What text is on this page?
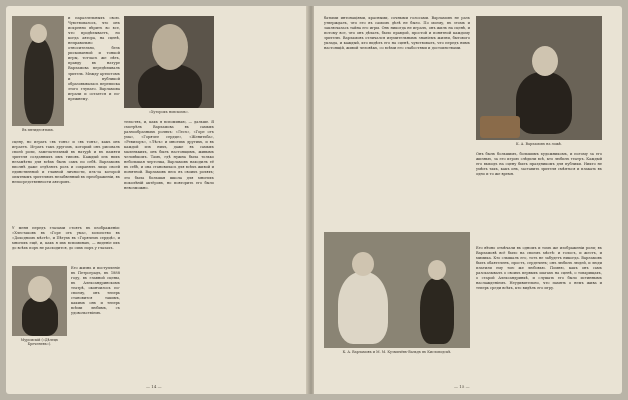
Въ пятидесятыхъ.
и параллельныхъ свою. Чувствовалось, что онъ искренно вѣритъ во все, что продѣлываетъ, но когда автора, на сценѣ, неправильно относительно, безъ рискованной и тонкой игры, тотчасъ же пѣть, правду въ натуре Варламова передѣлывалъ зритель. Между артистомъ и публикой образовывалась переписка этого глупаго. Варламова играли и остается и по-прежнему.
«Хуторокъ новскомъ».
сцену, но играть «въ тонъ» и «въ тонъ», какъ онъ играетъ. Играть такъ другомъ, который онъ рисовалъ своей роли, замечательный въ натурѣ и въ памяти зрителя созданныхъ имъ типовъ. Каждый изъ нихъ незамѣтно для всѣхъ былъ самъ по себѣ. Варламовъ вполнѣ даже отдѣлялъ роль и сохранялъ лицо своей единственной и главной личности, изъ-за которой опытнымъ зрителямъ незабвенный въ преображеніи, въ непосредственности авторовъ.
У меня передъ глазами стоятъ въ изображеніи: «Хлестаковъ въ «Горе отъ ума», холопство въ «Доходномъ мѣстѣ», и Пѣтухъ въ «Горячемъ сердцѣ», и многихъ ещё, и, какъ я ихъ вспоминаю, — виденіе ихъ до всѣхъ поръ не расходится, до сихъ поръ у глазахъ.
Муромскій («Дѣлецъ Бреченевъ»).
Его жизнь и поступленіе въ Петроградъ, въ 1888 году, въ главной сцены, въ Александринскомъ театрѣ, окончилось по-своему, онъ теперь становится такимъ, какимъ онъ и теперь всѣми любимъ, съ удовольствіемъ.
тельствъ, и, какъ я вспоминаю, — дальше. Я смотрѣлъ Варламова въ самыхъ разнообразныхъ роляхъ: «Лесъ», «Горе отъ ума», «Горячее сердце», «Женитьба», «Ревизоръ», «Лѣсъ» и многихъ другихъ, и въ каждой изъ нихъ, даже въ самыхъ маленькихъ, онъ былъ настоящимъ, живымъ человѣкомъ. Тамъ, гдѣ нужна была только небольшая черточка, Варламовъ находилъ её въ себѣ, и она становилась для всѣхъ живой и понятной. Варламовъ весь въ своихъ роляхъ; это была большая школа для многихъ поколѣній актёровъ, но повторить его было невозможно.
— 14 —
батыми интонаціями, красными, сочными голосами. Варламовъ не разъ утверждалъ, что его въ самомъ дѣлѣ не было. По моему, въ этомъ и заключалась тайна его игры. Онъ никогда не игралъ, онъ жилъ на сценѣ, и потому все, что онъ дѣлалъ, было правдой, простой и понятной каждому зрителю. Варламовъ отличался изумительнымъ знаніемъ жизни, бытового уклада, и каждый, кто видѣлъ его на сценѣ, чувствовалъ, что передъ нимъ настоящій, живой человѣкъ, со всѣми его слабостями и достоинствами.
К. А. Варламовъ на ложѣ.
Онъ былъ большимъ, большимъ художникомъ, и потому за его жизнью, за его игрою слѣдили всѣ, кто любилъ театръ. Каждый его выходъ на сцену былъ праздникомъ для публики. Никто не умѣлъ такъ, какъ онъ, заставить зрителя смѣяться и плакать въ одно и то же время.
К. А. Варламовъ и М. М. Кузмичёвъ-Вальдъ въ Кисловодскѣ.
Его вѣчно отмѣчали въ одномъ и томъ же изображеніи роли; въ Варламовѣ всё было на своемъ мѣстѣ: и голосъ, и жестъ, и мимика. Кто слышалъ его, тотъ не забудетъ никогда. Варламовъ былъ обаятеленъ, простъ, сердеченъ; онъ любилъ людей, и люди платили ему тою же любовью. Помню, какъ онъ самъ разсказывалъ о своихъ первыхъ шагахъ на сценѣ, о товарищахъ, о старой Александринкѣ, и слушать его было истиннымъ наслажденіемъ. Неудивительно, что память о немъ жива и теперь среди всѣхъ, кто видѣлъ его игру.
— 15 —
